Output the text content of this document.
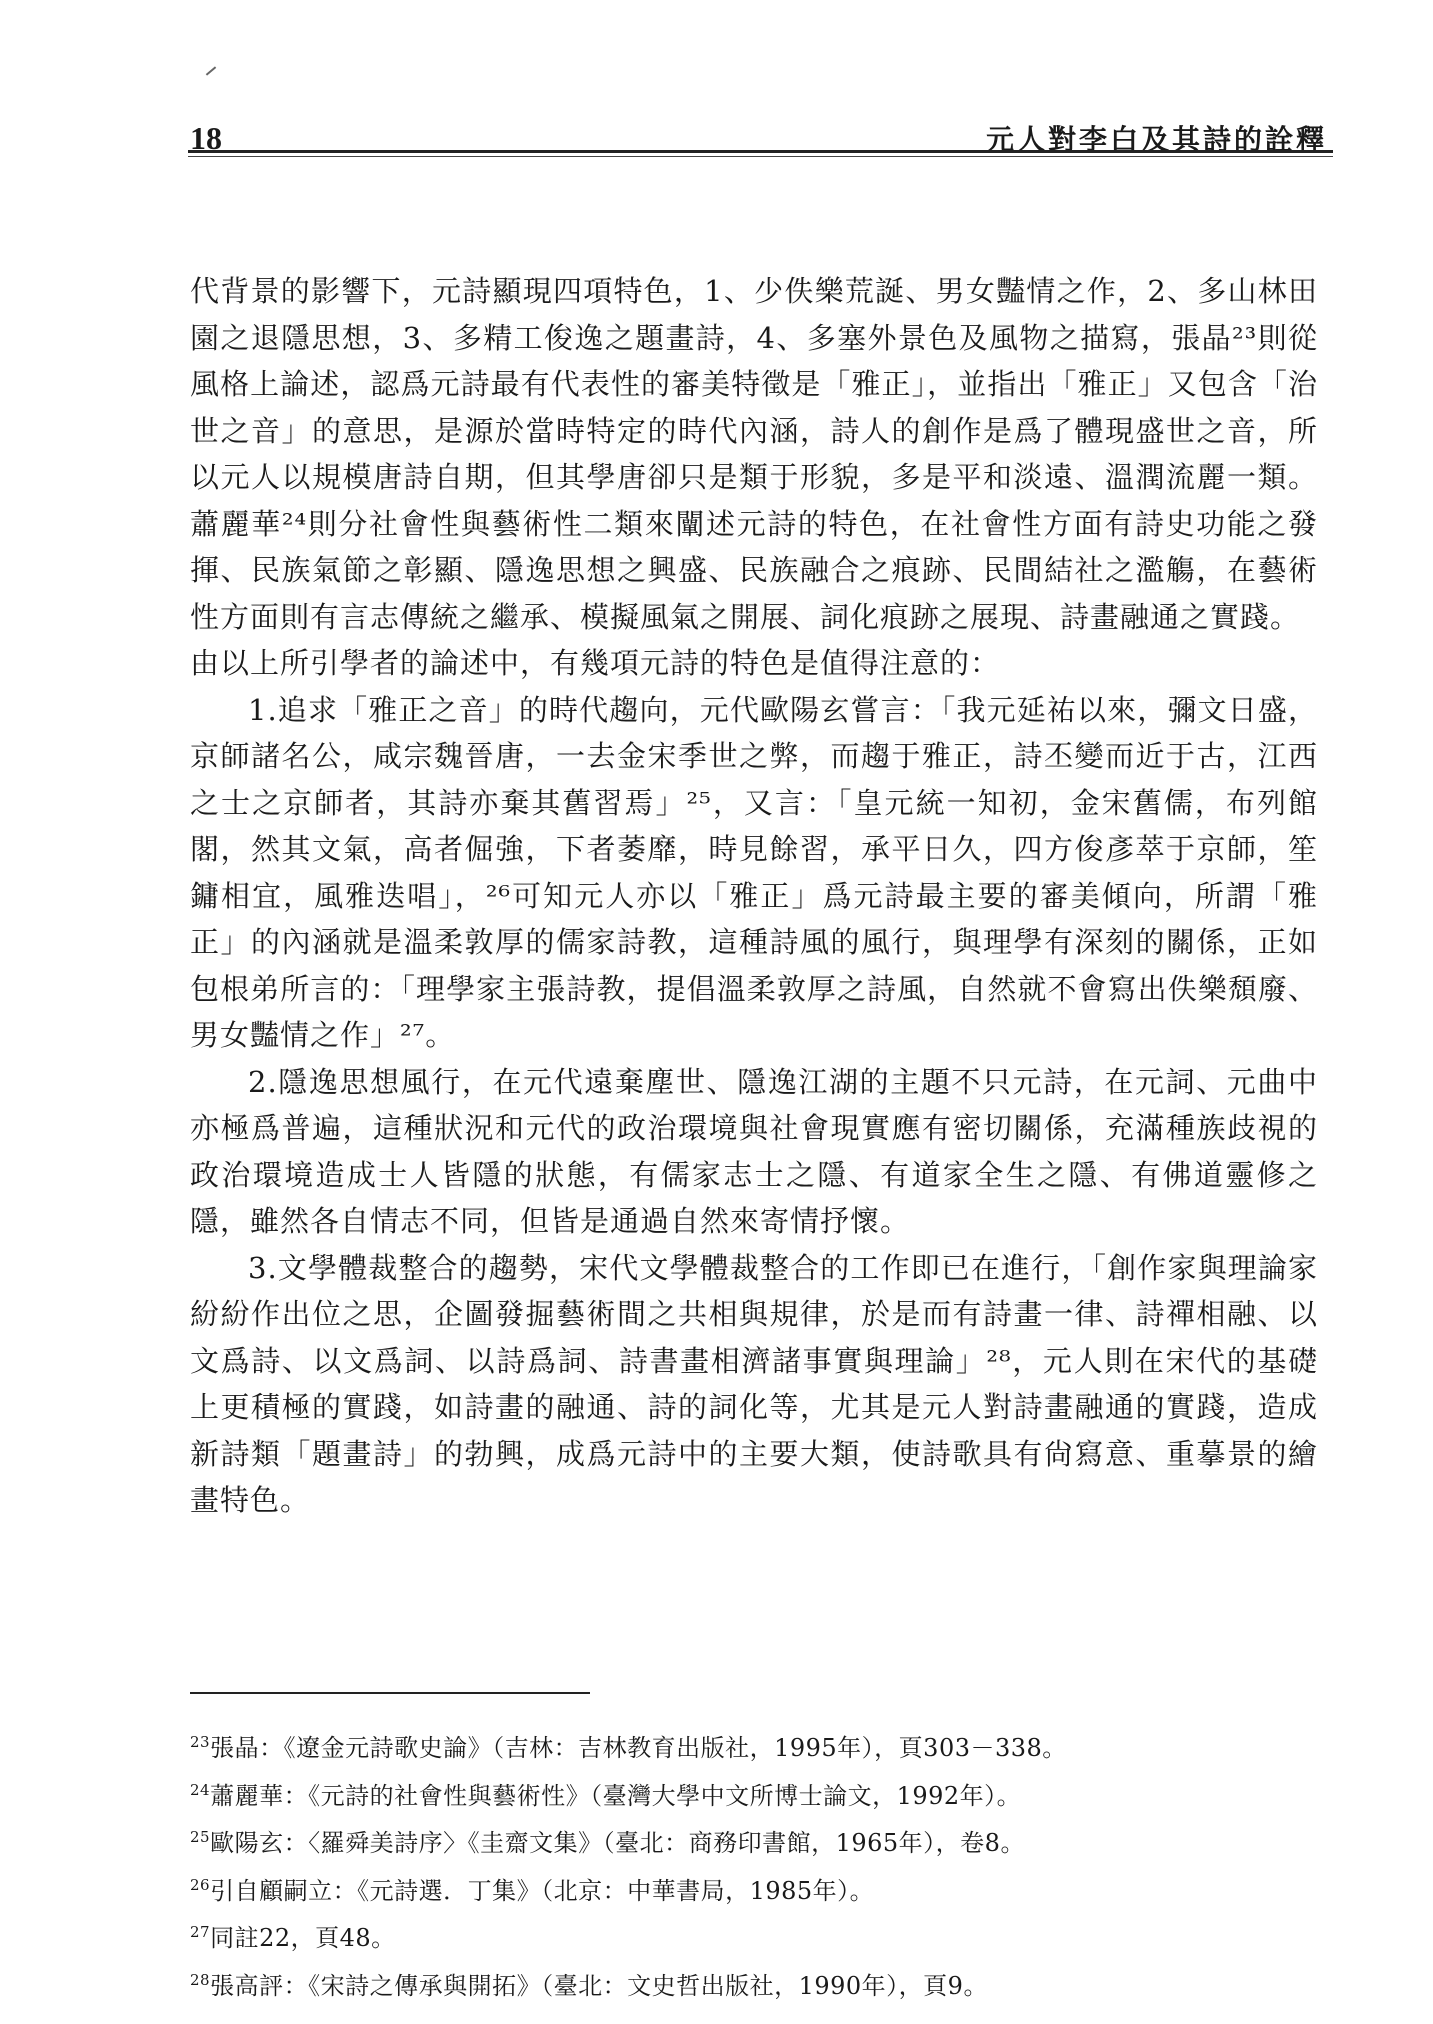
18	元人對李白及其詩的詮釋

代背景的影響下，元詩顯現四項特色，1、少佚樂荒誕、男女豔情之作，2、多山林田園之退隱思想，3、多精工俊逸之題畫詩，4、多塞外景色及風物之描寫，張晶²³則從風格上論述，認爲元詩最有代表性的審美特徵是「雅正」，並指出「雅正」又包含「治世之音」的意思，是源於當時特定的時代內涵，詩人的創作是爲了體現盛世之音，所以元人以規模唐詩自期，但其學唐卻只是類于形貌，多是平和淡遠、溫潤流麗一類。蕭麗華²⁴則分社會性與藝術性二類來闡述元詩的特色，在社會性方面有詩史功能之發揮、民族氣節之彰顯、隱逸思想之興盛、民族融合之痕跡、民間結社之濫觴，在藝術性方面則有言志傳統之繼承、模擬風氣之開展、詞化痕跡之展現、詩畫融通之實踐。

由以上所引學者的論述中，有幾項元詩的特色是值得注意的：

1.追求「雅正之音」的時代趨向，元代歐陽玄嘗言：「我元延祐以來，彌文日盛，京師諸名公，咸宗魏晉唐，一去金宋季世之弊，而趨于雅正，詩丕變而近于古，江西之士之京師者，其詩亦棄其舊習焉」²⁵，又言：「皇元統一知初，金宋舊儒，布列館閣，然其文氣，高者倔強，下者萎靡，時見餘習，承平日久，四方俊彥萃于京師，笙鏞相宜，風雅迭唱」，²⁶可知元人亦以「雅正」爲元詩最主要的審美傾向，所謂「雅正」的內涵就是溫柔敦厚的儒家詩教，這種詩風的風行，與理學有深刻的關係，正如包根弟所言的：「理學家主張詩教，提倡溫柔敦厚之詩風，自然就不會寫出佚樂頹廢、男女豔情之作」²⁷。

2.隱逸思想風行，在元代遠棄塵世、隱逸江湖的主題不只元詩，在元詞、元曲中亦極爲普遍，這種狀況和元代的政治環境與社會現實應有密切關係，充滿種族歧視的政治環境造成士人皆隱的狀態，有儒家志士之隱、有道家全生之隱、有佛道靈修之隱，雖然各自情志不同，但皆是通過自然來寄情抒懷。

3.文學體裁整合的趨勢，宋代文學體裁整合的工作即已在進行，「創作家與理論家紛紛作出位之思，企圖發掘藝術間之共相與規律，於是而有詩畫一律、詩禪相融、以文爲詩、以文爲詞、以詩爲詞、詩書畫相濟諸事實與理論」²⁸，元人則在宋代的基礎上更積極的實踐，如詩畫的融通、詩的詞化等，尤其是元人對詩畫融通的實踐，造成新詩類「題畫詩」的勃興，成爲元詩中的主要大類，使詩歌具有尙寫意、重摹景的繪畫特色。

$^{23}$張晶：《遼金元詩歌史論》（吉林：吉林教育出版社，1995年），頁303－338。

$^{24}$蕭麗華：《元詩的社會性與藝術性》（臺灣大學中文所博士論文，1992年）。

$^{25}$歐陽玄：〈羅舜美詩序〉《圭齋文集》（臺北：商務印書館，1965年），卷8。

$^{26}$引自顧嗣立：《元詩選．丁集》（北京：中華書局，1985年）。

$^{27}$同註22，頁48。

$^{28}$張高評：《宋詩之傳承與開拓》（臺北：文史哲出版社，1990年），頁9。
